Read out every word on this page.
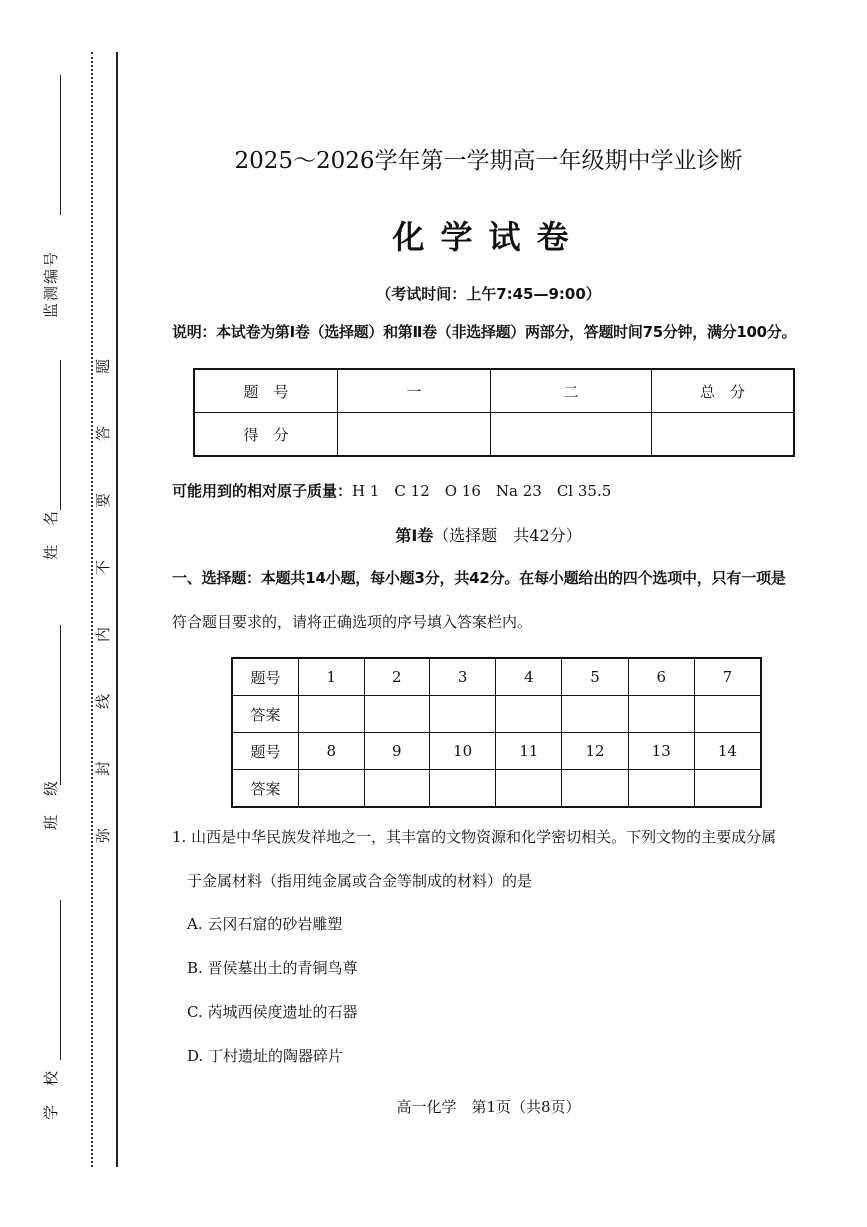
监测编号
姓　名
班　级
学　校
题
答
要
不
内
线
封
弥
2025～2026学年第一学期高一年级期中学业诊断
化学试卷
（考试时间：上午7:45—9:00）
说明：本试卷为第Ⅰ卷（选择题）和第Ⅱ卷（非选择题）两部分，答题时间75分钟，满分100分。
题　号	一	二	总　分
得　分			
可能用到的相对原子质量：H 1　C 12　O 16　Na 23　Cl 35.5
第Ⅰ卷（选择题　共42分）
一、选择题：本题共14小题，每小题3分，共42分。在每小题给出的四个选项中，只有一项是
符合题目要求的，请将正确选项的序号填入答案栏内。
题号	1	2	3	4	5	6	7
答案							
题号	8	9	10	11	12	13	14
答案							
1. 山西是中华民族发祥地之一，其丰富的文物资源和化学密切相关。下列文物的主要成分属
于金属材料（指用纯金属或合金等制成的材料）的是
A. 云冈石窟的砂岩雕塑
B. 晋侯墓出土的青铜鸟尊
C. 芮城西侯度遗址的石器
D. 丁村遗址的陶器碎片
高一化学　第1页（共8页）
